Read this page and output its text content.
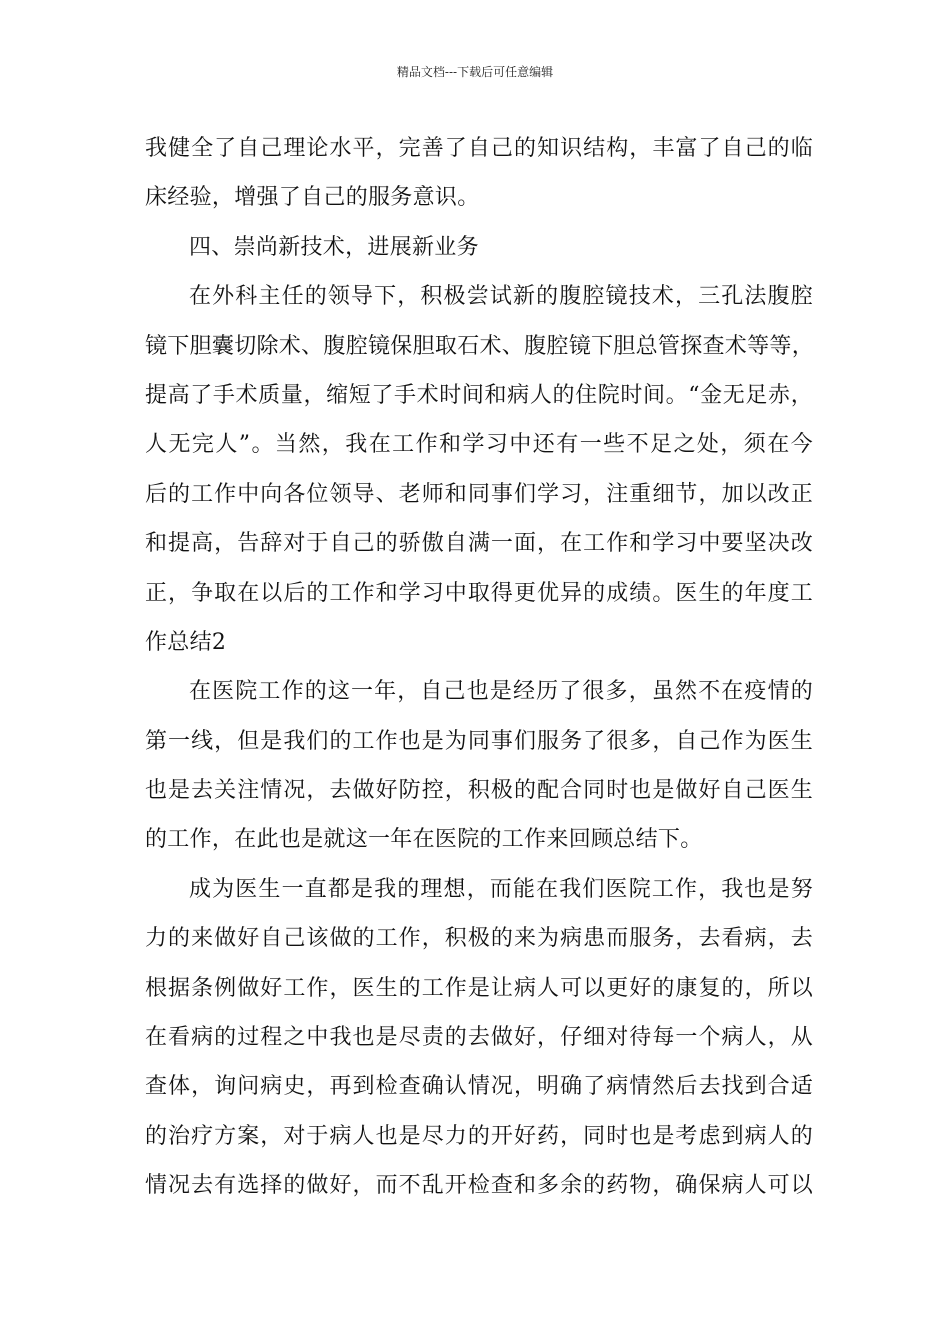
精品文档---下载后可任意编辑
我健全了自己理论水平，完善了自己的知识结构，丰富了自己的临
床经验，增强了自己的服务意识。
四、崇尚新技术，进展新业务
在外科主任的领导下，积极尝试新的腹腔镜技术，三孔法腹腔
镜下胆囊切除术、腹腔镜保胆取石术、腹腔镜下胆总管探查术等等，
提高了手术质量，缩短了手术时间和病人的住院时间。“金无足赤，
人无完人”。当然，我在工作和学习中还有一些不足之处，须在今
后的工作中向各位领导、老师和同事们学习，注重细节，加以改正
和提高，告辞对于自己的骄傲自满一面，在工作和学习中要坚决改
正，争取在以后的工作和学习中取得更优异的成绩。医生的年度工
作总结2
在医院工作的这一年，自己也是经历了很多，虽然不在疫情的
第一线，但是我们的工作也是为同事们服务了很多，自己作为医生
也是去关注情况，去做好防控，积极的配合同时也是做好自己医生
的工作，在此也是就这一年在医院的工作来回顾总结下。
成为医生一直都是我的理想，而能在我们医院工作，我也是努
力的来做好自己该做的工作，积极的来为病患而服务，去看病，去
根据条例做好工作，医生的工作是让病人可以更好的康复的，所以
在看病的过程之中我也是尽责的去做好，仔细对待每一个病人，从
查体，询问病史，再到检查确认情况，明确了病情然后去找到合适
的治疗方案，对于病人也是尽力的开好药，同时也是考虑到病人的
情况去有选择的做好，而不乱开检查和多余的药物，确保病人可以
